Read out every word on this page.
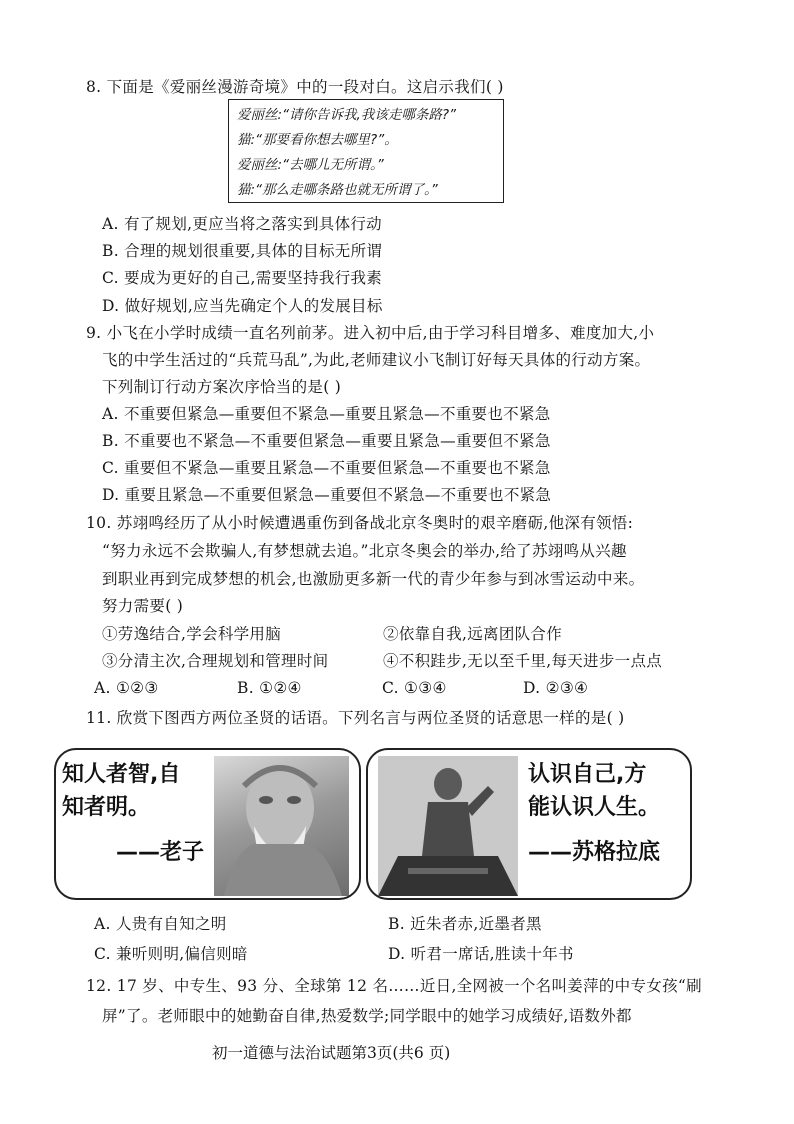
8. 下面是《爱丽丝漫游奇境》中的一段对白。这启示我们( )
爱丽丝:“请你告诉我,我该走哪条路?”
猫:“那要看你想去哪里?”。
爱丽丝:“去哪儿无所谓。”
猫:“那么走哪条路也就无所谓了。”
A. 有了规划,更应当将之落实到具体行动
B. 合理的规划很重要,具体的目标无所谓
C. 要成为更好的自己,需要坚持我行我素
D. 做好规划,应当先确定个人的发展目标
9. 小飞在小学时成绩一直名列前茅。进入初中后,由于学习科目增多、难度加大,小
飞的中学生活过的“兵荒马乱”,为此,老师建议小飞制订好每天具体的行动方案。
下列制订行动方案次序恰当的是( )
A. 不重要但紧急—重要但不紧急—重要且紧急—不重要也不紧急
B. 不重要也不紧急—不重要但紧急—重要且紧急—重要但不紧急
C. 重要但不紧急—重要且紧急—不重要但紧急—不重要也不紧急
D. 重要且紧急—不重要但紧急—重要但不紧急—不重要也不紧急
10. 苏翊鸣经历了从小时候遭遇重伤到备战北京冬奥时的艰辛磨砺,他深有领悟:
“努力永远不会欺骗人,有梦想就去追。”北京冬奥会的举办,给了苏翊鸣从兴趣
到职业再到完成梦想的机会,也激励更多新一代的青少年参与到冰雪运动中来。
努力需要( )
①劳逸结合,学会科学用脑	②依靠自我,远离团队合作
③分清主次,合理规划和管理时间	④不积跬步,无以至千里,每天进步一点点
A. ①②③	B. ①②④	C. ①③④	D. ②③④
11. 欣赏下图西方两位圣贤的话语。下列名言与两位圣贤的话意思一样的是( )
知人者智,自
知者明。
——老子
认识自己,方
能认识人生。
——苏格拉底
A. 人贵有自知之明	B. 近朱者赤,近墨者黑
C. 兼听则明,偏信则暗	D. 听君一席话,胜读十年书
12. 17 岁、中专生、93 分、全球第 12 名……近日,全网被一个名叫姜萍的中专女孩“刷
屏”了。老师眼中的她勤奋自律,热爱数学;同学眼中的她学习成绩好,语数外都
初一道德与法治试题第3页(共6 页)
